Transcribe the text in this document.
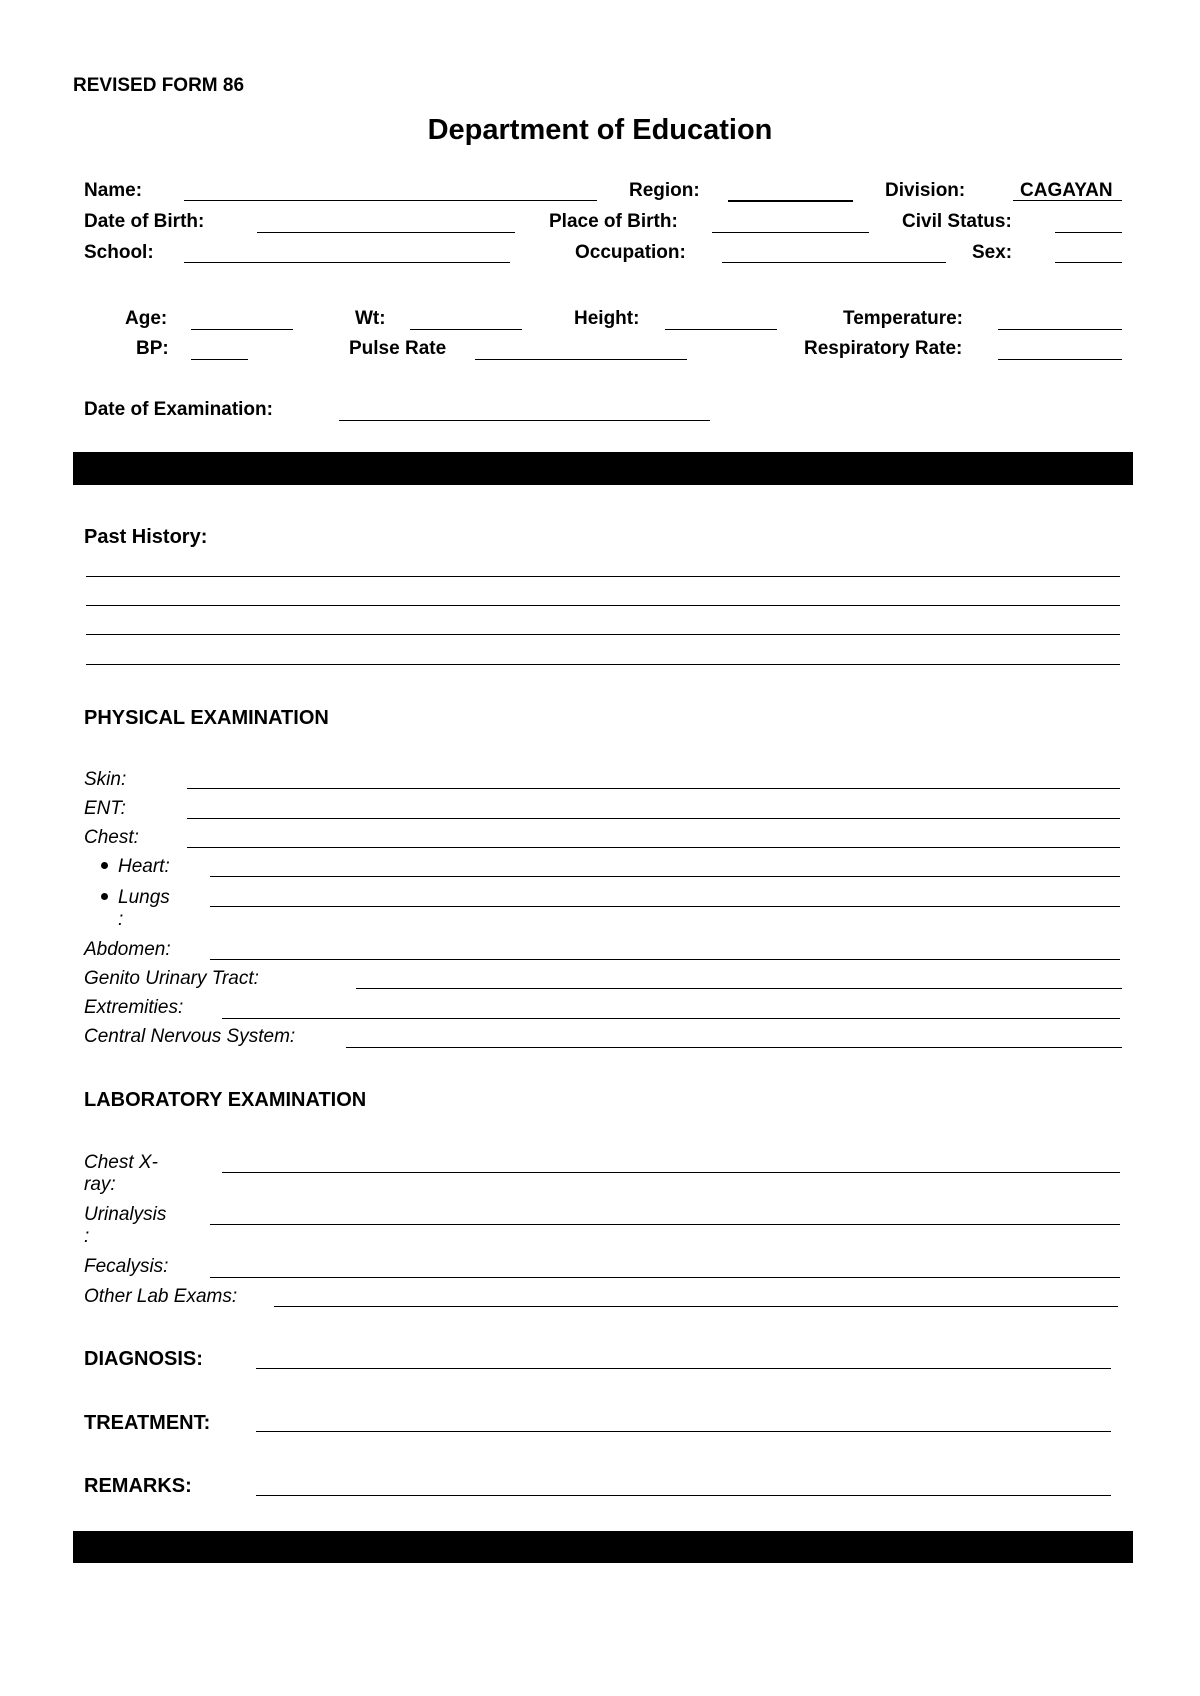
REVISED FORM 86
Department of Education
Name:	Region:	Division:	CAGAYAN
Date of Birth:	Place of Birth:	Civil Status:
School:	Occupation:	Sex:
Age:	Wt:	Height:	Temperature:
BP:	Pulse Rate	Respiratory Rate:
Date of Examination:
Past History:
PHYSICAL EXAMINATION
Skin:
ENT:
Chest:
Heart:
Lungs
:
Abdomen:
Genito Urinary Tract:
Extremities:
Central Nervous System:
LABORATORY EXAMINATION
Chest X-
ray:
Urinalysis
:
Fecalysis:
Other Lab Exams:
DIAGNOSIS:
TREATMENT:
REMARKS:
